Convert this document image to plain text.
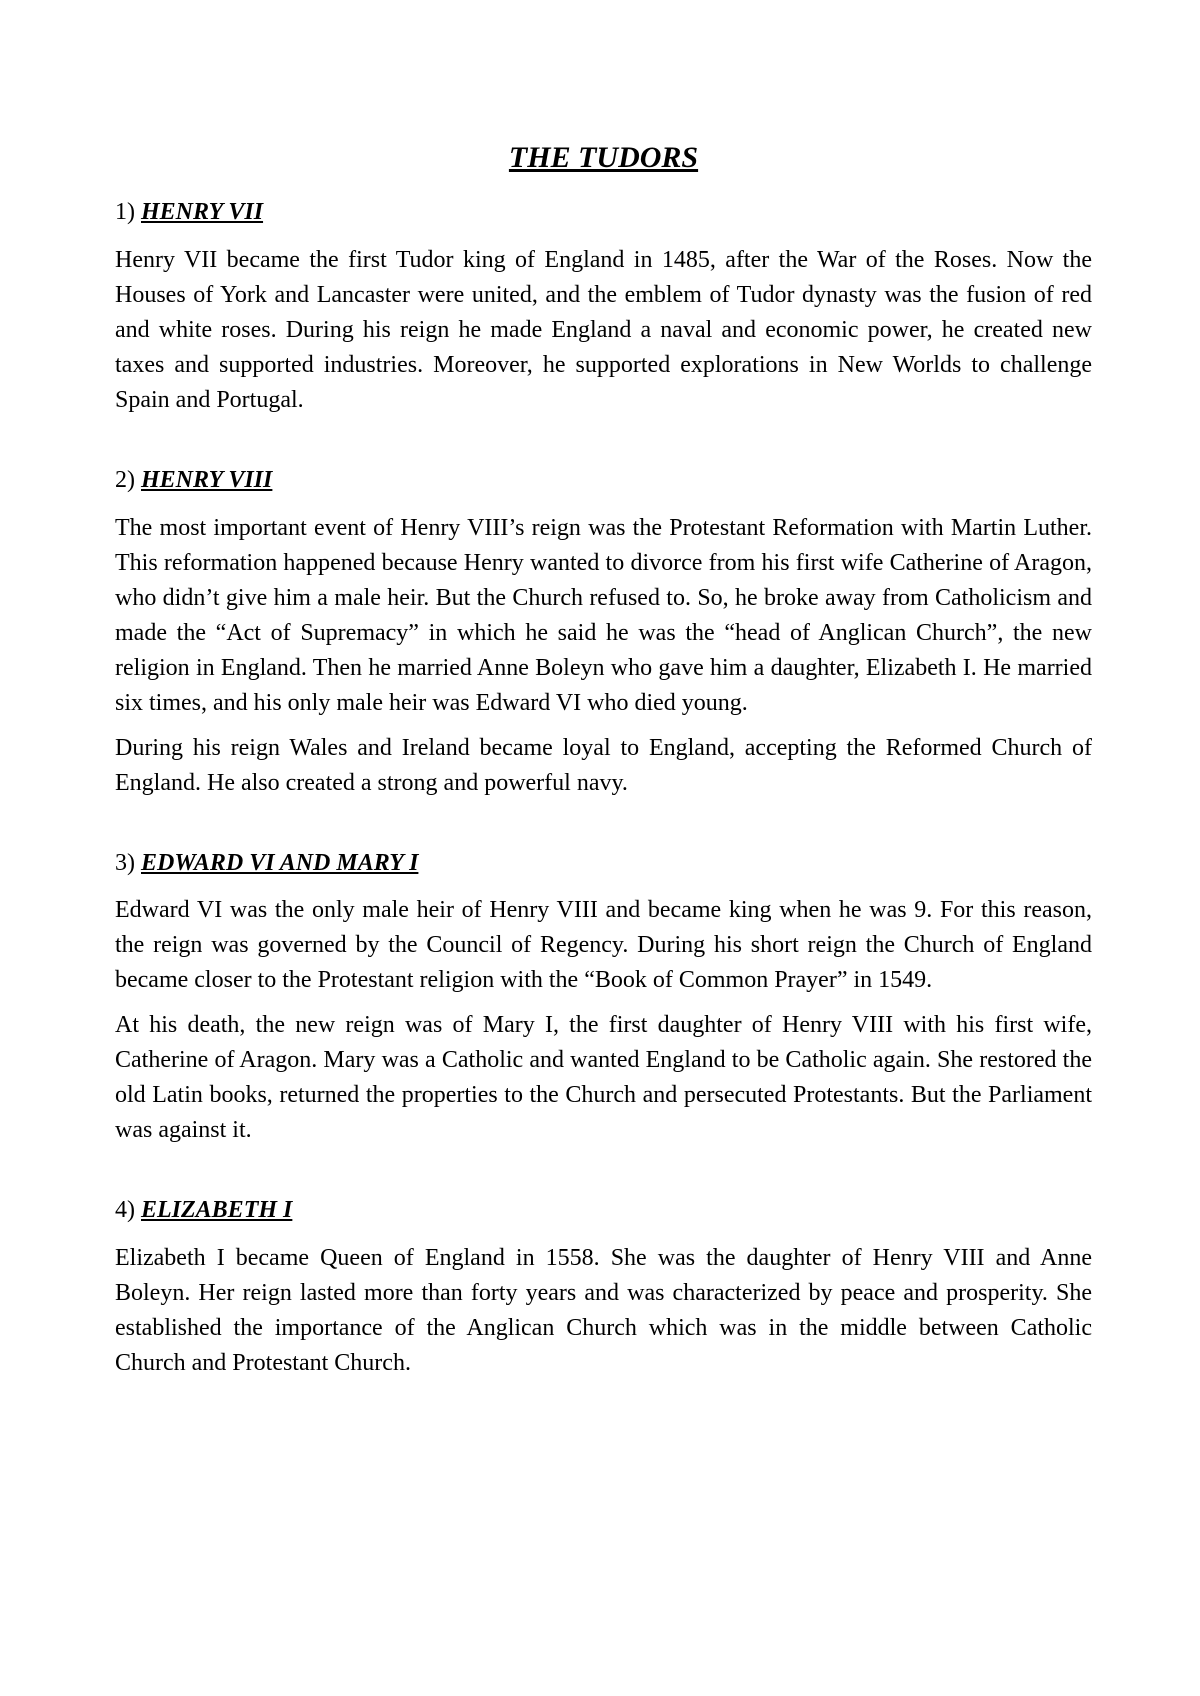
THE TUDORS
1) HENRY VII

Henry VII became the first Tudor king of England in 1485, after the War of the Roses. Now the Houses of York and Lancaster were united, and the emblem of Tudor dynasty was the fusion of red and white roses. During his reign he made England a naval and economic power, he created new taxes and supported industries. Moreover, he supported explorations in New Worlds to challenge Spain and Portugal.

2) HENRY VIII

The most important event of Henry VIII’s reign was the Protestant Reformation with Martin Luther. This reformation happened because Henry wanted to divorce from his first wife Catherine of Aragon, who didn’t give him a male heir. But the Church refused to. So, he broke away from Catholicism and made the “Act of Supremacy” in which he said he was the “head of Anglican Church”, the new religion in England. Then he married Anne Boleyn who gave him a daughter, Elizabeth I. He married six times, and his only male heir was Edward VI who died young.

During his reign Wales and Ireland became loyal to England, accepting the Reformed Church of England. He also created a strong and powerful navy.

3) EDWARD VI AND MARY I

Edward VI was the only male heir of Henry VIII and became king when he was 9. For this reason, the reign was governed by the Council of Regency. During his short reign the Church of England became closer to the Protestant religion with the “Book of Common Prayer” in 1549.

At his death, the new reign was of Mary I, the first daughter of Henry VIII with his first wife, Catherine of Aragon. Mary was a Catholic and wanted England to be Catholic again. She restored the old Latin books, returned the properties to the Church and persecuted Protestants. But the Parliament was against it.

4) ELIZABETH I

Elizabeth I became Queen of England in 1558. She was the daughter of Henry VIII and Anne Boleyn. Her reign lasted more than forty years and was characterized by peace and prosperity. She established the importance of the Anglican Church which was in the middle between Catholic Church and Protestant Church.
